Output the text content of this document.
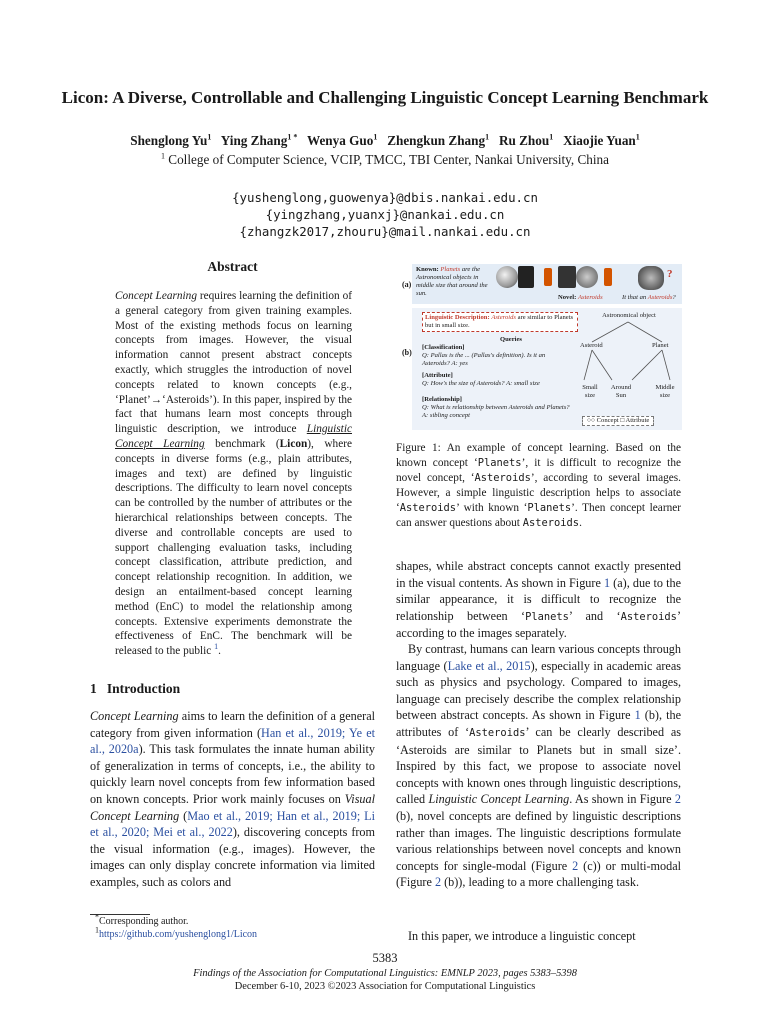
Licon: A Diverse, Controllable and Challenging Linguistic Concept Learning Benchmark
Shenglong Yu$^1$ Ying Zhang$^{1 *}$ Wenya Guo$^1$ Zhengkun Zhang$^1$ Ru Zhou$^1$ Xiaojie Yuan$^1$
$^1$ College of Computer Science, VCIP, TMCC, TBI Center, Nankai University, China
{yushenglong,guowenya}@dbis.nankai.edu.cn
{yingzhang,yuanxj}@nankai.edu.cn
{zhangzk2017,zhouru}@mail.nankai.edu.cn
Abstract
Concept Learning requires learning the definition of a general category from given training examples. Most of the existing methods focus on learning concepts from images. However, the visual information cannot present abstract concepts exactly, which struggles the introduction of novel concepts related to known concepts (e.g., ‘Planet’→‘Asteroids’). In this paper, inspired by the fact that humans learn most concepts through linguistic description, we introduce Linguistic Concept Learning benchmark (Licon), where concepts in diverse forms (e.g., plain attributes, images and text) are defined by linguistic descriptions. The difficulty to learn novel concepts can be controlled by the number of attributes or the hierarchical relationships between concepts. The diverse and controllable concepts are used to support challenging evaluation tasks, including concept classification, attribute prediction, and concept relationship recognition. In addition, we design an entailment-based concept learning method (EnC) to model the relationship among concepts. Extensive experiments demonstrate the effectiveness of EnC. The benchmark will be released to the public $^1$.
1 Introduction
Concept Learning aims to learn the definition of a general category from given information (Han et al., 2019; Ye et al., 2020a). This task formulates the innate human ability of generalization in terms of concepts, i.e., the ability to quickly learn novel concepts from few information based on known concepts. Prior work mainly focuses on Visual Concept Learning (Mao et al., 2019; Han et al., 2019; Li et al., 2020; Mei et al., 2022), discovering concepts from the visual information (e.g., images). However, the images can only display concrete information via limited examples, such as colors and
*Corresponding author.
$^1$https://github.com/yushenglong1/Licon
(a)
Known: Planets are the Astronomical objects in middle size that around the sun.
?
Novel: Asteroids	It that an Asteroids?
(b)
Linguistic Description: Asteroids are similar to Planets but in small size.
Queries
[Classification]
Q: Pallas is the ... (Pallas's definition). Is it an Asteroids? A: yes
[Attribute]
Q: How's the size of Asteroids? A: small size
[Relationship]
Q: What is relationship between Asteroids and Planets? A: sibling concept
Astronomical object
Asteroid	Planet
Small size
Around Sun
Middle size
○○ Concept □ Attribute
Figure 1: An example of concept learning. Based on the known concept ‘Planets’, it is difficult to recognize the novel concept, ‘Asteroids’, according to several images. However, a simple linguistic description helps to associate ‘Asteroids’ with known ‘Planets’. Then concept learner can answer questions about Asteroids.
shapes, while abstract concepts cannot exactly presented in the visual contents. As shown in Figure 1 (a), due to the similar appearance, it is difficult to recognize the relationship between ‘Planets’ and ‘Asteroids’ according to the images separately.
By contrast, humans can learn various concepts through language (Lake et al., 2015), especially in academic areas such as physics and psychology. Compared to images, language can precisely describe the complex relationship between abstract concepts. As shown in Figure 1 (b), the attributes of ‘Asteroids’ can be clearly described as ‘Asteroids are similar to Planets but in small size’. Inspired by this fact, we propose to associate novel concepts with known ones through linguistic descriptions, called Linguistic Concept Learning. As shown in Figure 2 (b), novel concepts are defined by linguistic descriptions rather than images. The linguistic descriptions formulate various relationships between novel concepts and known concepts for single-modal (Figure 2 (c)) or multi-modal (Figure 2 (b)), leading to a more challenging task.
In this paper, we introduce a linguistic concept
5383
Findings of the Association for Computational Linguistics: EMNLP 2023, pages 5383–5398
December 6-10, 2023 ©2023 Association for Computational Linguistics
